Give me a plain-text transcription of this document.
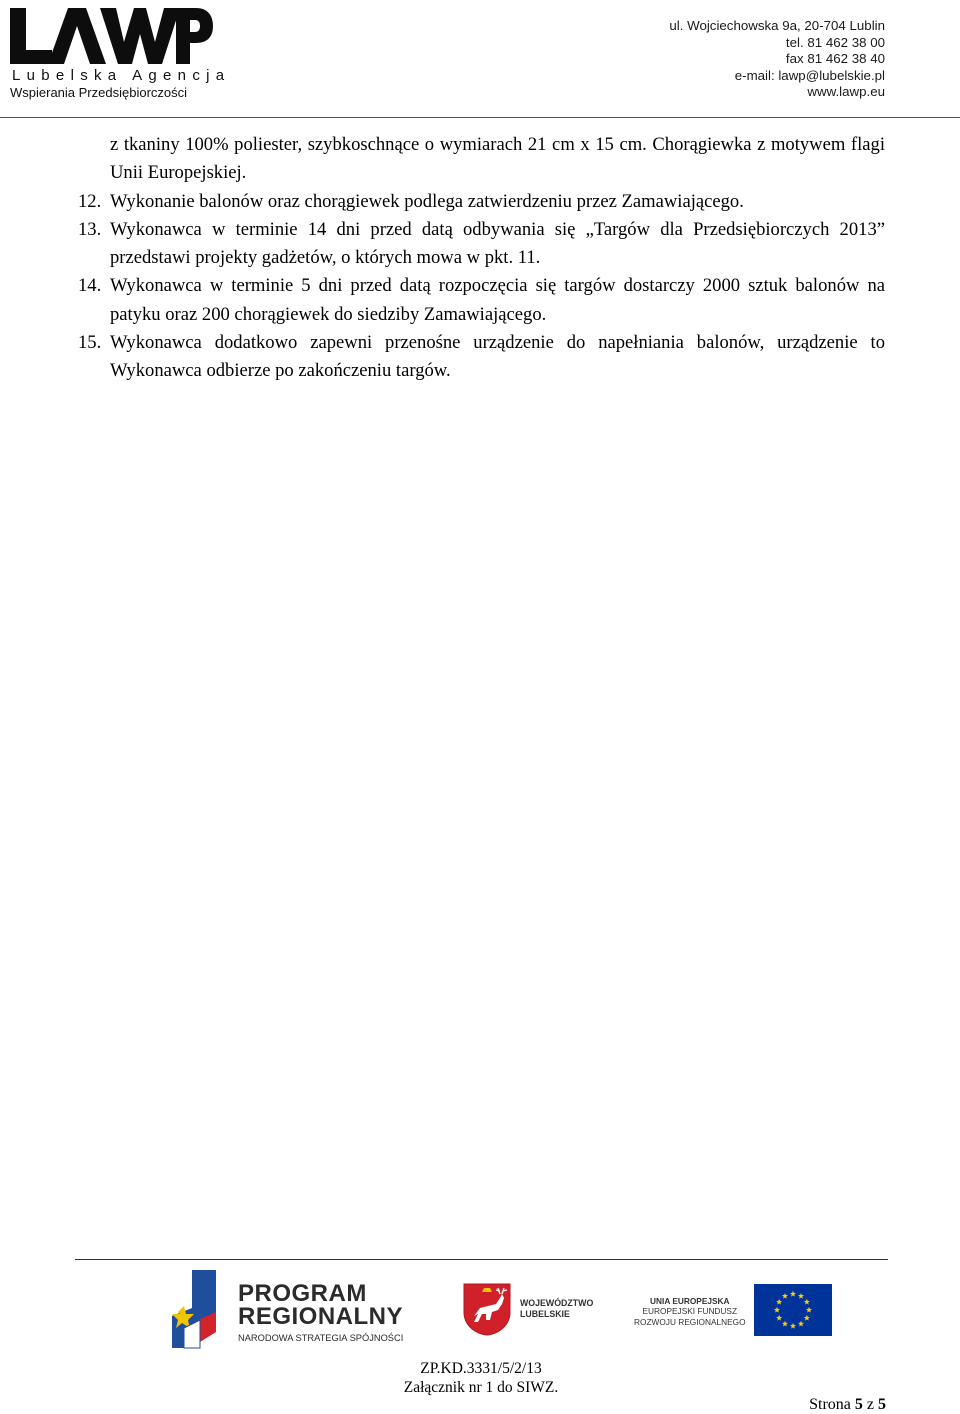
Lubelska Agencja
Wspierania Przedsiębiorczości
ul. Wojciechowska 9a, 20-704 Lublin
tel. 81 462 38 00
fax 81 462 38 40
e-mail: lawp@lubelskie.pl
www.lawp.eu
z tkaniny 100% poliester, szybkoschnące o wymiarach 21 cm x 15 cm. Chorągiewka z motywem flagi Unii Europejskiej.
12. Wykonanie balonów oraz chorągiewek podlega zatwierdzeniu przez Zamawiającego.
13. Wykonawca w terminie 14 dni przed datą odbywania się „Targów dla Przedsiębiorczych 2013” przedstawi projekty gadżetów, o których mowa w pkt. 11.
14. Wykonawca w terminie 5 dni przed datą rozpoczęcia się targów dostarczy 2000 sztuk balonów na patyku oraz 200 chorągiewek do siedziby Zamawiającego.
15. Wykonawca dodatkowo zapewni przenośne urządzenie do napełniania balonów, urządzenie to Wykonawca odbierze po zakończeniu targów.
PROGRAM
REGIONALNY
NARODOWA STRATEGIA SPÓJNOŚCI
WOJEWÓDZTWO
LUBELSKIE
UNIA EUROPEJSKA
EUROPEJSKI FUNDUSZ
ROZWOJU REGIONALNEGO
ZP.KD.3331/5/2/13
Załącznik nr 1 do SIWZ.
Strona 5 z 5
